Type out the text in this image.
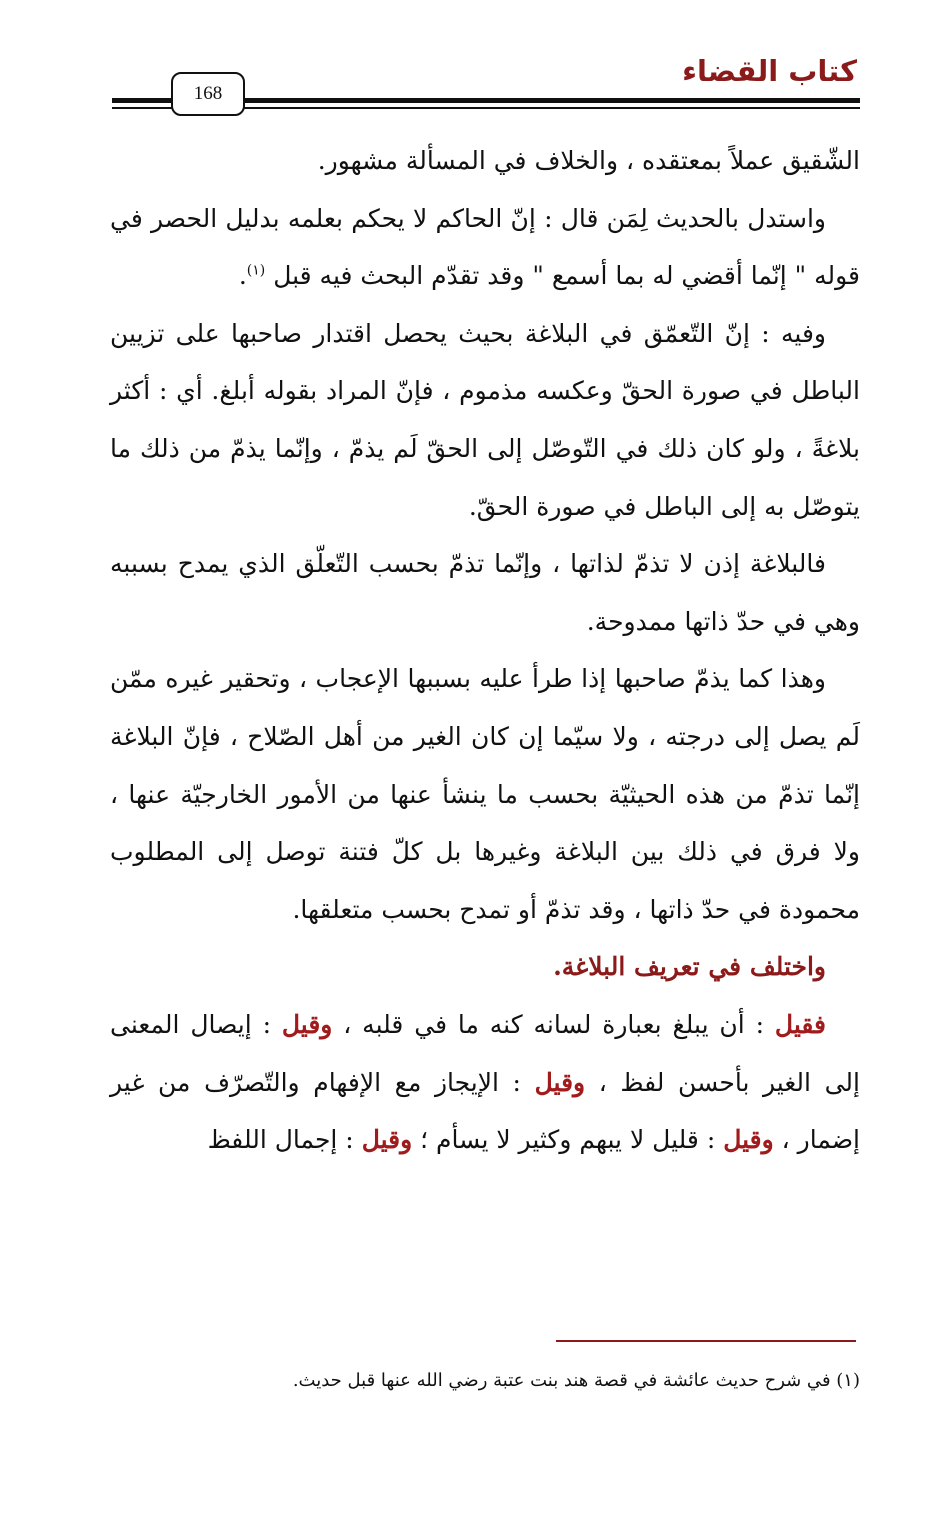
كتاب القضاء
168

الشّقيق عملاً بمعتقده ، والخلاف في المسألة مشهور.

واستدل بالحديث لِمَن قال : إنّ الحاكم لا يحكم بعلمه بدليل الحصر في قوله " إنّما أقضي له بما أسمع " وقد تقدّم البحث فيه قبل $^{(١)}$.

وفيه : إنّ التّعمّق في البلاغة بحيث يحصل اقتدار صاحبها على تزيين الباطل في صورة الحقّ وعكسه مذموم ، فإنّ المراد بقوله أبلغ. أي : أكثر بلاغةً ، ولو كان ذلك في التّوصّل إلى الحقّ لَم يذمّ ، وإنّما يذمّ من ذلك ما يتوصّل به إلى الباطل في صورة الحقّ.

فالبلاغة إذن لا تذمّ لذاتها ، وإنّما تذمّ بحسب التّعلّق الذي يمدح بسببه وهي في حدّ ذاتها ممدوحة.

وهذا كما يذمّ صاحبها إذا طرأ عليه بسببها الإعجاب ، وتحقير غيره ممّن لَم يصل إلى درجته ، ولا سيّما إن كان الغير من أهل الصّلاح ، فإنّ البلاغة إنّما تذمّ من هذه الحيثيّة بحسب ما ينشأ عنها من الأمور الخارجيّة عنها ، ولا فرق في ذلك بين البلاغة وغيرها بل كلّ فتنة توصل إلى المطلوب محمودة في حدّ ذاتها ، وقد تذمّ أو تمدح بحسب متعلقها.

واختلف في تعريف البلاغة.

فقيل : أن يبلغ بعبارة لسانه كنه ما في قلبه ، وقيل : إيصال المعنى إلى الغير بأحسن لفظ ، وقيل : الإيجاز مع الإفهام والتّصرّف من غير إضمار ، وقيل : قليل لا يبهم وكثير لا يسأم ؛ وقيل : إجمال اللفظ

(١) في شرح حديث عائشة في قصة هند بنت عتبة رضي الله عنها قبل حديث.
